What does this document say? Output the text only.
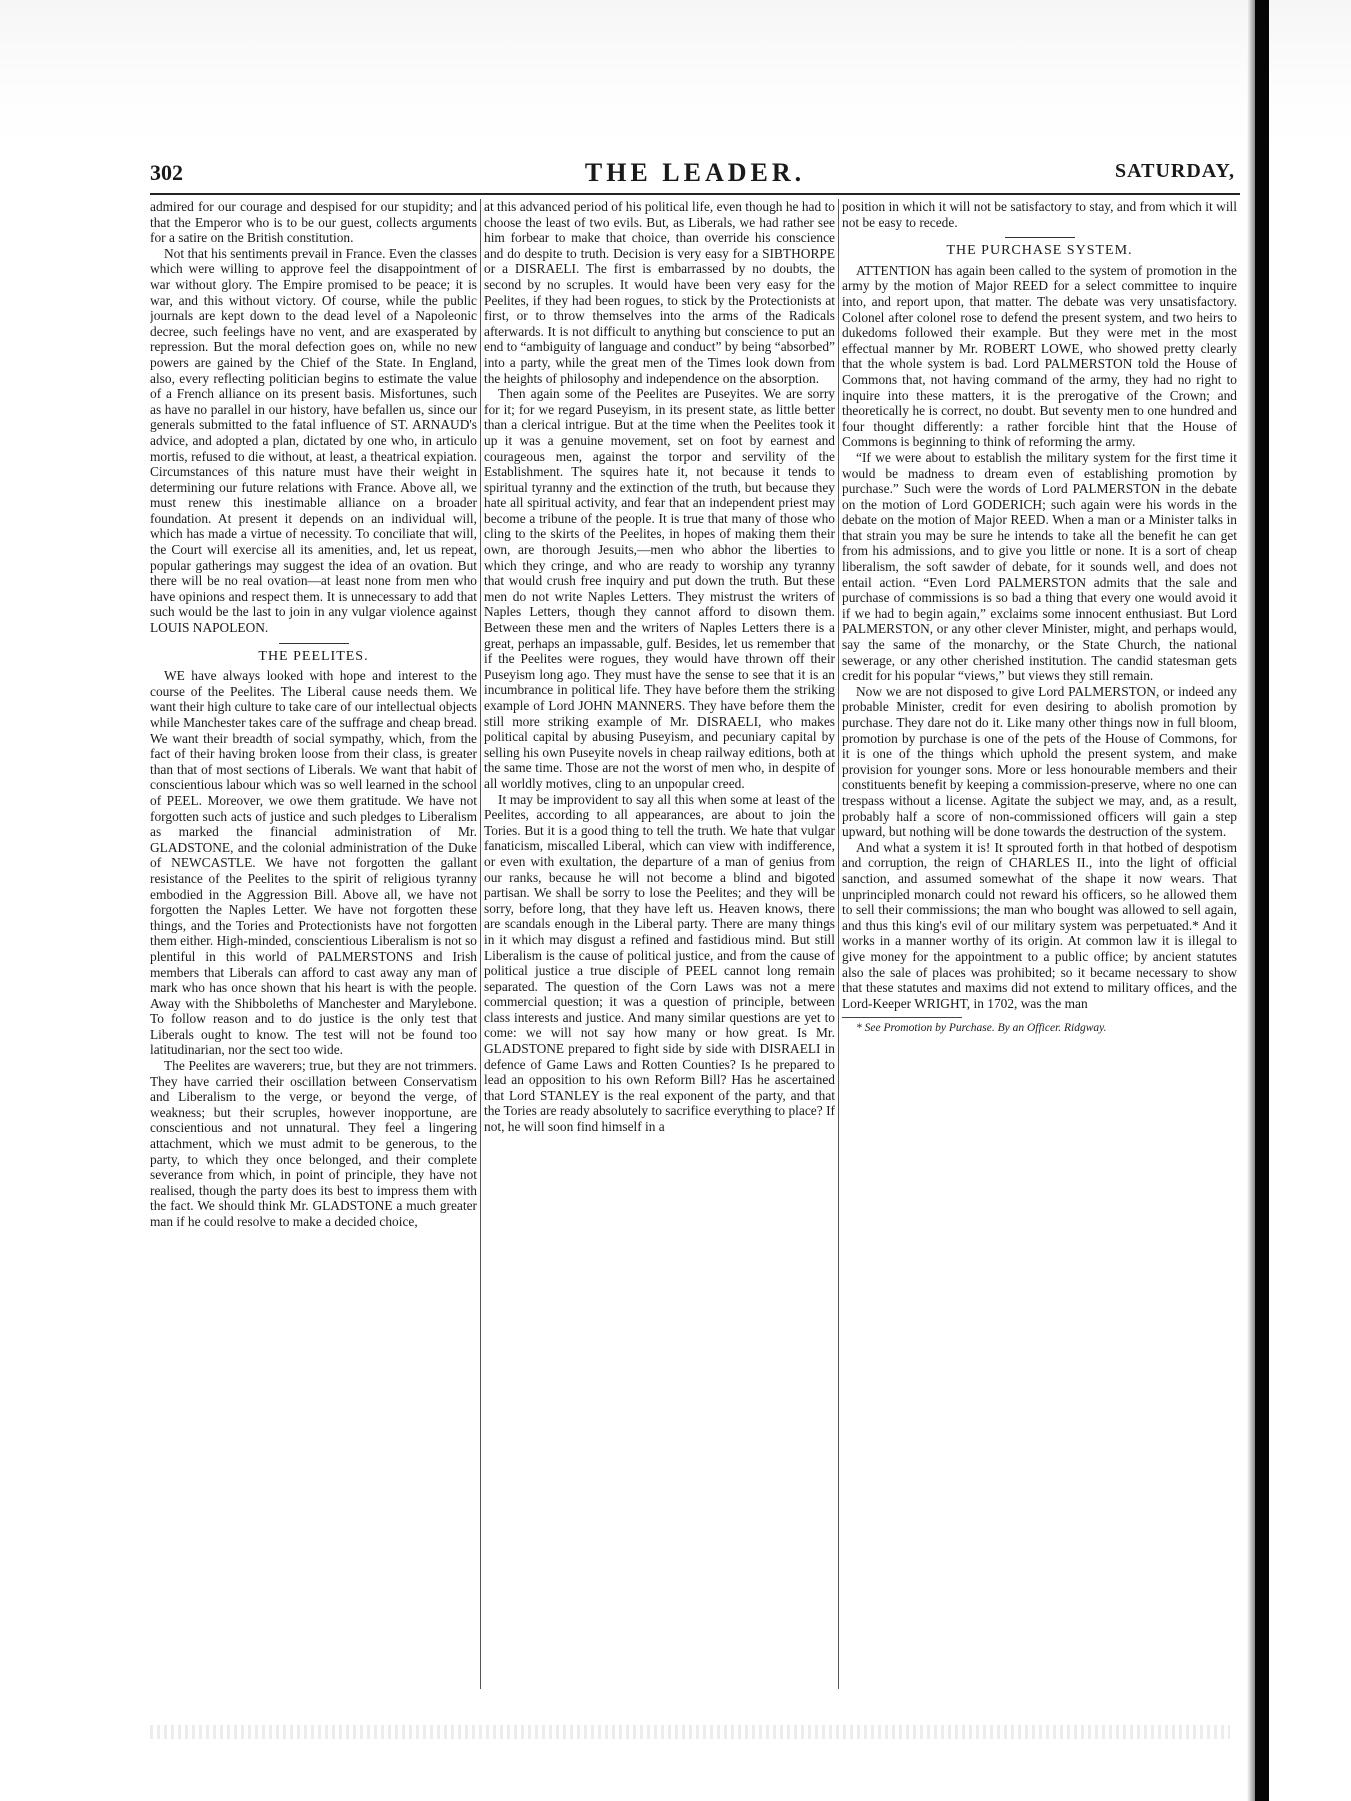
302	THE LEADER.	SATURDAY,

admired for our courage and despised for our stupidity; and that the Emperor who is to be our guest, collects arguments for a satire on the British constitution.

Not that his sentiments prevail in France. Even the classes which were willing to approve feel the disappointment of war without glory. The Empire promised to be peace; it is war, and this without victory. Of course, while the public journals are kept down to the dead level of a Napoleonic decree, such feelings have no vent, and are exasperated by repression. But the moral defection goes on, while no new powers are gained by the Chief of the State. In England, also, every reflecting politician begins to estimate the value of a French alliance on its present basis. Misfortunes, such as have no parallel in our history, have befallen us, since our generals submitted to the fatal influence of ST. ARNAUD's advice, and adopted a plan, dictated by one who, in articulo mortis, refused to die without, at least, a theatrical expiation. Circumstances of this nature must have their weight in determining our future relations with France. Above all, we must renew this inestimable alliance on a broader foundation. At present it depends on an individual will, which has made a virtue of necessity. To conciliate that will, the Court will exercise all its amenities, and, let us repeat, popular gatherings may suggest the idea of an ovation. But there will be no real ovation—at least none from men who have opinions and respect them. It is unnecessary to add that such would be the last to join in any vulgar violence against LOUIS NAPOLEON.

THE PEELITES.

WE have always looked with hope and interest to the course of the Peelites. The Liberal cause needs them. We want their high culture to take care of our intellectual objects while Manchester takes care of the suffrage and cheap bread. We want their breadth of social sympathy, which, from the fact of their having broken loose from their class, is greater than that of most sections of Liberals. We want that habit of conscientious labour which was so well learned in the school of PEEL. Moreover, we owe them gratitude. We have not forgotten such acts of justice and such pledges to Liberalism as marked the financial administration of Mr. GLADSTONE, and the colonial administration of the Duke of NEWCASTLE. We have not forgotten the gallant resistance of the Peelites to the spirit of religious tyranny embodied in the Aggression Bill. Above all, we have not forgotten the Naples Letter. We have not forgotten these things, and the Tories and Protectionists have not forgotten them either. High-minded, conscientious Liberalism is not so plentiful in this world of PALMERSTONS and Irish members that Liberals can afford to cast away any man of mark who has once shown that his heart is with the people. Away with the Shibboleths of Manchester and Marylebone. To follow reason and to do justice is the only test that Liberals ought to know. The test will not be found too latitudinarian, nor the sect too wide.

The Peelites are waverers; true, but they are not trimmers. They have carried their oscillation between Conservatism and Liberalism to the verge, or beyond the verge, of weakness; but their scruples, however inopportune, are conscientious and not unnatural. They feel a lingering attachment, which we must admit to be generous, to the party, to which they once belonged, and their complete severance from which, in point of principle, they have not realised, though the party does its best to impress them with the fact. We should think Mr. GLADSTONE a much greater man if he could resolve to make a decided choice,

at this advanced period of his political life, even though he had to choose the least of two evils. But, as Liberals, we had rather see him forbear to make that choice, than override his conscience and do despite to truth. Decision is very easy for a SIBTHORPE or a DISRAELI. The first is embarrassed by no doubts, the second by no scruples. It would have been very easy for the Peelites, if they had been rogues, to stick by the Protectionists at first, or to throw themselves into the arms of the Radicals afterwards. It is not difficult to anything but conscience to put an end to “ambiguity of language and conduct” by being “absorbed” into a party, while the great men of the Times look down from the heights of philosophy and independence on the absorption.

Then again some of the Peelites are Puseyites. We are sorry for it; for we regard Puseyism, in its present state, as little better than a clerical intrigue. But at the time when the Peelites took it up it was a genuine movement, set on foot by earnest and courageous men, against the torpor and servility of the Establishment. The squires hate it, not because it tends to spiritual tyranny and the extinction of the truth, but because they hate all spiritual activity, and fear that an independent priest may become a tribune of the people. It is true that many of those who cling to the skirts of the Peelites, in hopes of making them their own, are thorough Jesuits,—men who abhor the liberties to which they cringe, and who are ready to worship any tyranny that would crush free inquiry and put down the truth. But these men do not write Naples Letters. They mistrust the writers of Naples Letters, though they cannot afford to disown them. Between these men and the writers of Naples Letters there is a great, perhaps an impassable, gulf. Besides, let us remember that if the Peelites were rogues, they would have thrown off their Puseyism long ago. They must have the sense to see that it is an incumbrance in political life. They have before them the striking example of Lord JOHN MANNERS. They have before them the still more striking example of Mr. DISRAELI, who makes political capital by abusing Puseyism, and pecuniary capital by selling his own Puseyite novels in cheap railway editions, both at the same time. Those are not the worst of men who, in despite of all worldly motives, cling to an unpopular creed.

It may be improvident to say all this when some at least of the Peelites, according to all appearances, are about to join the Tories. But it is a good thing to tell the truth. We hate that vulgar fanaticism, miscalled Liberal, which can view with indifference, or even with exultation, the departure of a man of genius from our ranks, because he will not become a blind and bigoted partisan. We shall be sorry to lose the Peelites; and they will be sorry, before long, that they have left us. Heaven knows, there are scandals enough in the Liberal party. There are many things in it which may disgust a refined and fastidious mind. But still Liberalism is the cause of political justice, and from the cause of political justice a true disciple of PEEL cannot long remain separated. The question of the Corn Laws was not a mere commercial question; it was a question of principle, between class interests and justice. And many similar questions are yet to come: we will not say how many or how great. Is Mr. GLADSTONE prepared to fight side by side with DISRAELI in defence of Game Laws and Rotten Counties? Is he prepared to lead an opposition to his own Reform Bill? Has he ascertained that Lord STANLEY is the real exponent of the party, and that the Tories are ready absolutely to sacrifice everything to place? If not, he will soon find himself in a

position in which it will not be satisfactory to stay, and from which it will not be easy to recede.

THE PURCHASE SYSTEM.

ATTENTION has again been called to the system of promotion in the army by the motion of Major REED for a select committee to inquire into, and report upon, that matter. The debate was very unsatisfactory. Colonel after colonel rose to defend the present system, and two heirs to dukedoms followed their example. But they were met in the most effectual manner by Mr. ROBERT LOWE, who showed pretty clearly that the whole system is bad. Lord PALMERSTON told the House of Commons that, not having command of the army, they had no right to inquire into these matters, it is the prerogative of the Crown; and theoretically he is correct, no doubt. But seventy men to one hundred and four thought differently: a rather forcible hint that the House of Commons is beginning to think of reforming the army.

“If we were about to establish the military system for the first time it would be madness to dream even of establishing promotion by purchase.” Such were the words of Lord PALMERSTON in the debate on the motion of Lord GODERICH; such again were his words in the debate on the motion of Major REED. When a man or a Minister talks in that strain you may be sure he intends to take all the benefit he can get from his admissions, and to give you little or none. It is a sort of cheap liberalism, the soft sawder of debate, for it sounds well, and does not entail action. “Even Lord PALMERSTON admits that the sale and purchase of commissions is so bad a thing that every one would avoid it if we had to begin again,” exclaims some innocent enthusiast. But Lord PALMERSTON, or any other clever Minister, might, and perhaps would, say the same of the monarchy, or the State Church, the national sewerage, or any other cherished institution. The candid statesman gets credit for his popular “views,” but views they still remain.

Now we are not disposed to give Lord PALMERSTON, or indeed any probable Minister, credit for even desiring to abolish promotion by purchase. They dare not do it. Like many other things now in full bloom, promotion by purchase is one of the pets of the House of Commons, for it is one of the things which uphold the present system, and make provision for younger sons. More or less honourable members and their constituents benefit by keeping a commission-preserve, where no one can trespass without a license. Agitate the subject we may, and, as a result, probably half a score of non-commissioned officers will gain a step upward, but nothing will be done towards the destruction of the system.

And what a system it is! It sprouted forth in that hotbed of despotism and corruption, the reign of CHARLES II., into the light of official sanction, and assumed somewhat of the shape it now wears. That unprincipled monarch could not reward his officers, so he allowed them to sell their commissions; the man who bought was allowed to sell again, and thus this king's evil of our military system was perpetuated.* And it works in a manner worthy of its origin. At common law it is illegal to give money for the appointment to a public office; by ancient statutes also the sale of places was prohibited; so it became necessary to show that these statutes and maxims did not extend to military offices, and the Lord-Keeper WRIGHT, in 1702, was the man

* See Promotion by Purchase. By an Officer. Ridgway.
